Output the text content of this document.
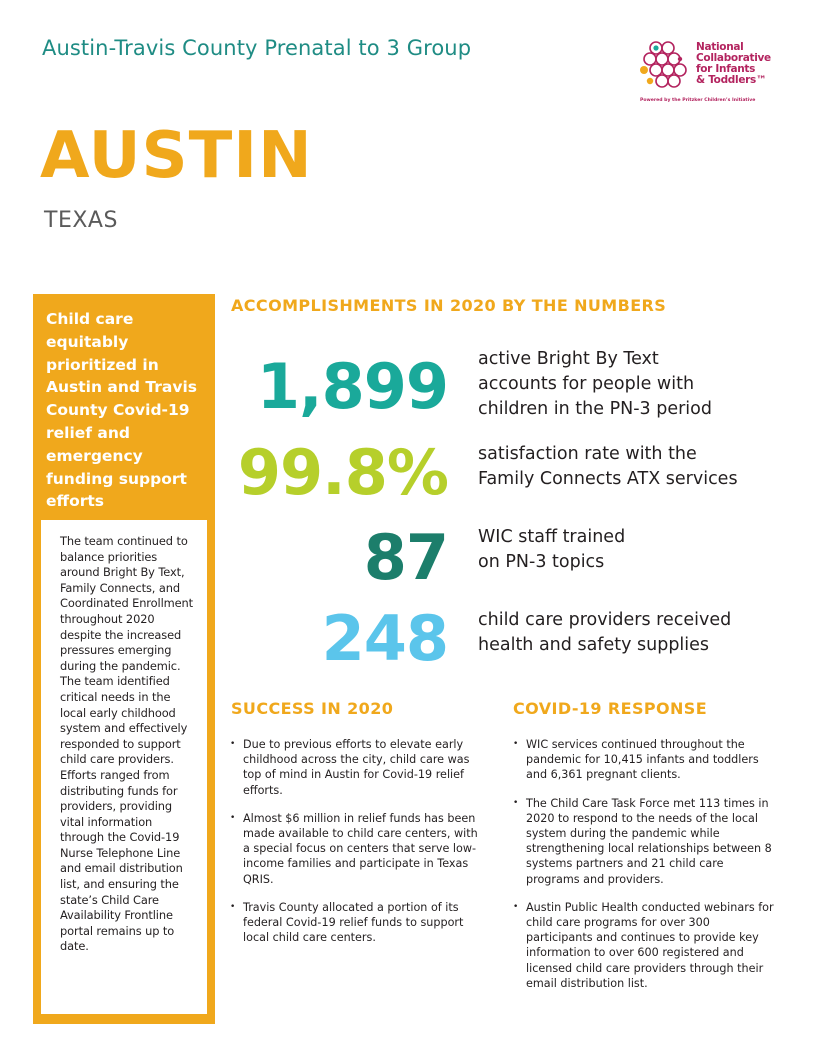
Austin-Travis County Prenatal to 3 Group	National
Collaborative
for Infants
& Toddlers™
Powered by the Pritzker Children’s Initiative
AUSTIN
TEXAS
Child care equitably prioritized in Austin and Travis County Covid-19 relief and emergency funding support efforts
The team continued to balance priorities around Bright By Text, Family Connects, and Coordinated Enrollment throughout 2020 despite the increased pressures emerging during the pandemic. The team identified critical needs in the local early childhood system and effectively responded to support child care providers. Efforts ranged from distributing funds for providers, providing vital information through the Covid-19 Nurse Telephone Line and email distribution list, and ensuring the state’s Child Care Availability Frontline portal remains up to date.
ACCOMPLISHMENTS IN 2020 BY THE NUMBERS
1,899 active Bright By Text
accounts for people with
children in the PN-3 period
99.8% satisfaction rate with the
Family Connects ATX services
87 WIC staff trained
on PN-3 topics
248 child care providers received
health and safety supplies
SUCCESS IN 2020
• Due to previous efforts to elevate early childhood across the city, child care was top of mind in Austin for Covid-19 relief efforts.
• Almost $6 million in relief funds has been made available to child care centers, with a special focus on centers that serve low-income families and participate in Texas QRIS.
• Travis County allocated a portion of its federal Covid-19 relief funds to support local child care centers.
COVID-19 RESPONSE
• WIC services continued throughout the pandemic for 10,415 infants and toddlers and 6,361 pregnant clients.
• The Child Care Task Force met 113 times in 2020 to respond to the needs of the local system during the pandemic while strengthening local relationships between 8 systems partners and 21 child care programs and providers.
• Austin Public Health conducted webinars for child care programs for over 300 participants and continues to provide key information to over 600 registered and licensed child care providers through their email distribution list.
